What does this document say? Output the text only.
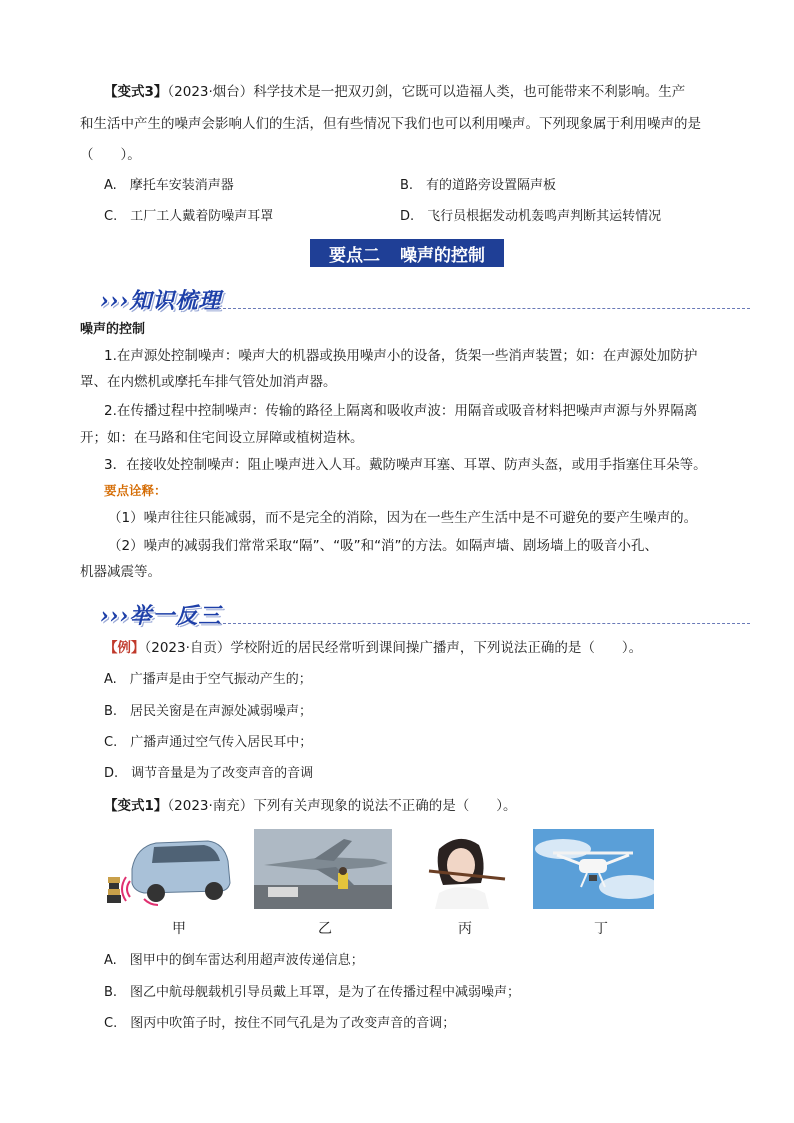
【变式3】（2023·烟台）科学技术是一把双刃剑，它既可以造福人类，也可能带来不利影响。生产
和生活中产生的噪声会影响人们的生活，但有些情况下我们也可以利用噪声。下列现象属于利用噪声的是
（　　）。
A.　摩托车安装消声器	B.　有的道路旁设置隔声板
C.　工厂工人戴着防噪声耳罩	D.　飞行员根据发动机轰鸣声判断其运转情况
要点二 噪声的控制
›››知识梳理
噪声的控制
1.在声源处控制噪声：噪声大的机器或换用噪声小的设备，货架一些消声装置；如：在声源处加防护
罩、在内燃机或摩托车排气管处加消声器。
2.在传播过程中控制噪声：传输的路径上隔离和吸收声波：用隔音或吸音材料把噪声声源与外界隔离
开；如：在马路和住宅间设立屏障或植树造林。
3．在接收处控制噪声：阻止噪声进入人耳。戴防噪声耳塞、耳罩、防声头盔，或用手指塞住耳朵等。
要点诠释：
（1）噪声往往只能减弱，而不是完全的消除，因为在一些生产生活中是不可避免的要产生噪声的。
（2）噪声的减弱我们常常采取“隔”、“吸”和“消”的方法。如隔声墙、剧场墙上的吸音小孔、
机器减震等。
›››举一反三
【例】（2023·自贡）学校附近的居民经常听到课间操广播声，下列说法正确的是（　　）。
A.　广播声是由于空气振动产生的；
B.　居民关窗是在声源处减弱噪声；
C.　广播声通过空气传入居民耳中；
D.　调节音量是为了改变声音的音调
【变式1】（2023·南充）下列有关声现象的说法不正确的是（　　）。
甲	乙	丙	丁
A.　图甲中的倒车雷达利用超声波传递信息；
B.　图乙中航母舰载机引导员戴上耳罩，是为了在传播过程中减弱噪声；
C.　图丙中吹笛子时，按住不同气孔是为了改变声音的音调；
